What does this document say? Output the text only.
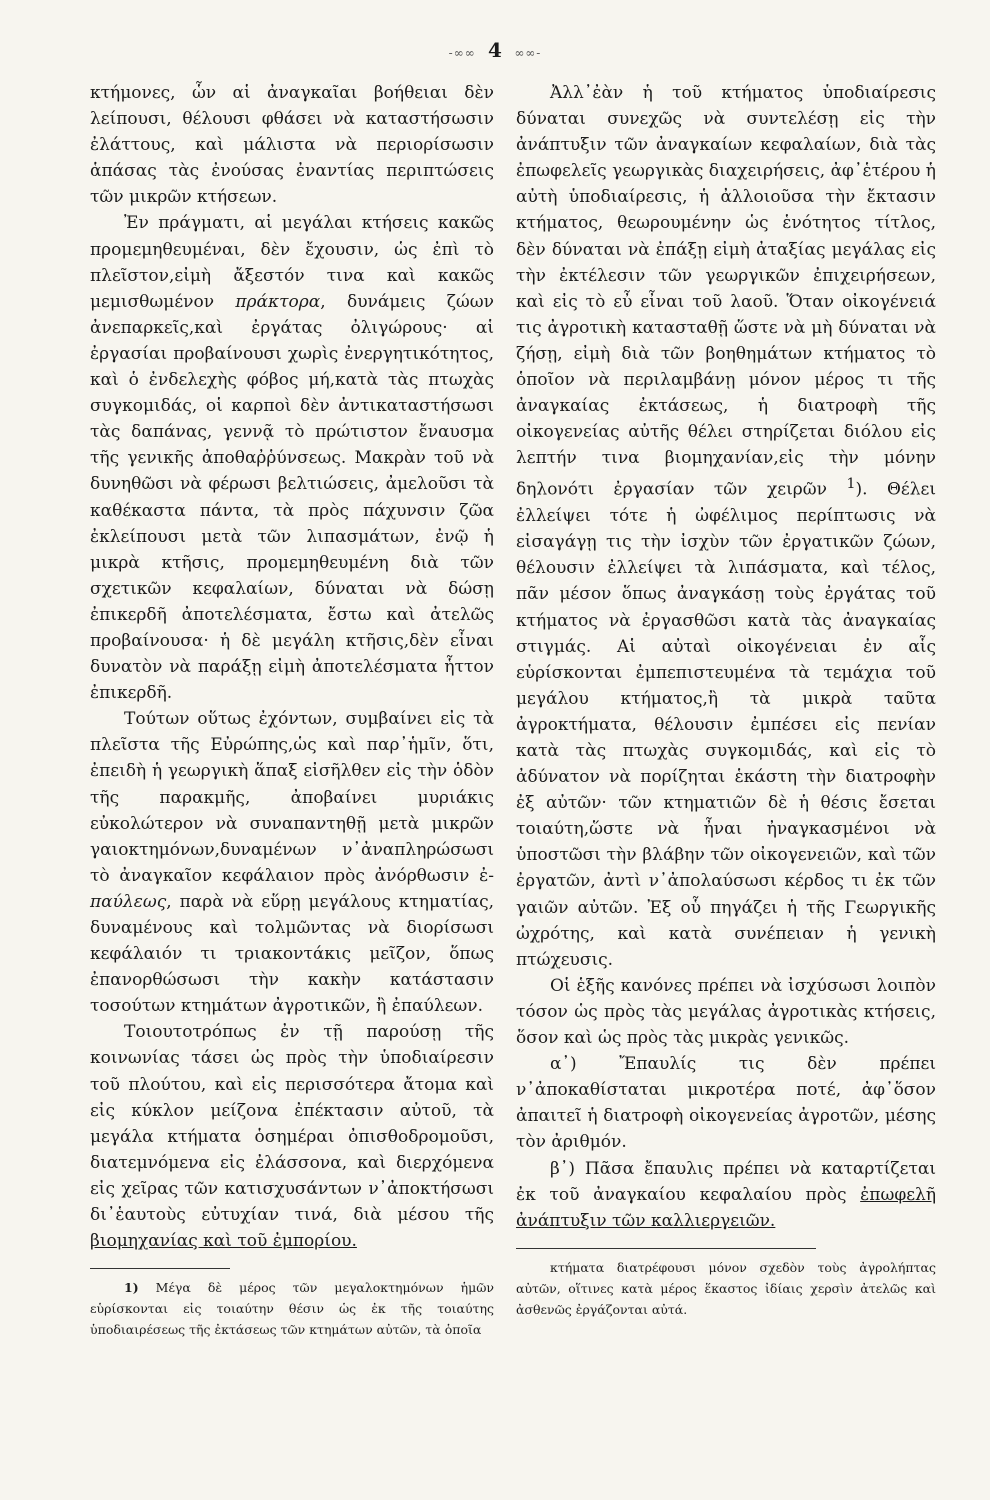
-∞∞ 4 ∞∞-

κτήμονες, ὧν αἱ ἀναγκαῖαι βοήθειαι δὲν λείπουσι, θέλουσι φθάσει νὰ καταστήσωσιν ἐλάττους, καὶ μάλιστα νὰ περιορίσωσιν ἁπάσας τὰς ἐνούσας ἐναντίας περιπτώσεις τῶν μικρῶν κτήσεων.

Ἐν πράγματι, αἱ μεγάλαι κτήσεις κακῶς προμεμηθευμέναι, δὲν ἔχουσιν, ὡς ἐπὶ τὸ πλεῖστον,εἰμὴ ἄξεστόν τινα καὶ κακῶς μεμισθωμένον πράκτορα, δυνάμεις ζώων ἀνεπαρκεῖς,καὶ ἐργάτας ὀλιγώρους· αἱ ἐργασίαι προβαίνουσι χωρὶς ἐνεργητικότητος, καὶ ὁ ἐνδελεχὴς φόβος μή,κατὰ τὰς πτωχὰς συγκομιδάς, οἱ καρποὶ δὲν ἀντικαταστήσωσι τὰς δαπάνας, γεννᾷ τὸ πρώτιστον ἔναυσμα τῆς γενικῆς ἀποθαῤῥύνσεως. Μακρὰν τοῦ νὰ δυνηθῶσι νὰ φέρωσι βελτιώσεις, ἀμελοῦσι τὰ καθέκαστα πάντα, τὰ πρὸς πάχυνσιν ζῶα ἐκλείπουσι μετὰ τῶν λιπασμάτων, ἐνῷ ἡ μικρὰ κτῆσις, προμεμηθευμένη διὰ τῶν σχετικῶν κεφαλαίων, δύναται νὰ δώσῃ ἐπικερδῆ ἀποτελέσματα, ἔστω καὶ ἀτελῶς προβαίνουσα· ἡ δὲ μεγάλη κτῆσις,δὲν εἶναι δυνατὸν νὰ παράξῃ εἰμὴ ἀποτελέσματα ἧττον ἐπικερδῆ.

Τούτων οὕτως ἐχόντων, συμβαίνει εἰς τὰ πλεῖστα τῆς Εὐρώπης,ὡς καὶ παρ᾽ἡμῖν, ὅτι, ἐπειδὴ ἡ γεωργικὴ ἅπαξ εἰσῆλθεν εἰς τὴν ὁδὸν τῆς παρακμῆς, ἀποβαίνει μυριάκις εὐκολώτερον νὰ συναπαντηθῇ μετὰ μικρῶν γαιοκτημόνων,δυναμένων ν᾽ἀναπληρώσωσι τὸ ἀναγκαῖον κεφάλαιον πρὸς ἀνόρθωσιν ἐ-παύλεως, παρὰ νὰ εὕρῃ μεγάλους κτηματίας, δυναμένους καὶ τολμῶντας νὰ διορίσωσι κεφάλαιόν τι τριακοντάκις μεῖζον, ὅπως ἐπανορθώσωσι τὴν κακὴν κατάστασιν τοσούτων κτημάτων ἀγροτικῶν, ἢ ἐπαύλεων.

Τοιουτοτρόπως ἐν τῇ παρούσῃ τῆς κοινωνίας τάσει ὡς πρὸς τὴν ὑποδιαίρεσιν τοῦ πλούτου, καὶ εἰς περισσότερα ἄτομα καὶ εἰς κύκλον μείζονα ἐπέκτασιν αὐτοῦ, τὰ μεγάλα κτήματα ὁσημέραι ὀπισθοδρομοῦσι, διατεμνόμενα εἰς ἐλάσσονα, καὶ διερχόμενα εἰς χεῖρας τῶν κατισχυσάντων ν᾽ἀποκτήσωσι δι᾽ἑαυτοὺς εὐτυχίαν τινά, διὰ μέσου τῆς βιομηχανίας καὶ τοῦ ἐμπορίου.

1) Μέγα δὲ μέρος τῶν μεγαλοκτημόνων ἡμῶν εὑρίσκονται εἰς τοιαύτην θέσιν ὡς ἐκ τῆς τοιαύτης ὑποδιαιρέσεως τῆς ἐκτάσεως τῶν κτημάτων αὐτῶν, τὰ ὁποῖα

Ἀλλ᾽ἐὰν ἡ τοῦ κτήματος ὑποδιαίρεσις δύναται συνεχῶς νὰ συντελέσῃ εἰς τὴν ἀνάπτυξιν τῶν ἀναγκαίων κεφαλαίων, διὰ τὰς ἐπωφελεῖς γεωργικὰς διαχειρήσεις, ἀφ᾽ἑτέρου ἡ αὐτὴ ὑποδιαίρεσις, ἡ ἀλλοιοῦσα τὴν ἔκτασιν κτήματος, θεωρουμένην ὡς ἑνότητος τίτλος, δὲν δύναται νὰ ἐπάξῃ εἰμὴ ἀταξίας μεγάλας εἰς τὴν ἐκτέλεσιν τῶν γεωργικῶν ἐπιχειρήσεων, καὶ εἰς τὸ εὖ εἶναι τοῦ λαοῦ. Ὅταν οἰκογένειά τις ἀγροτικὴ κατασταθῇ ὥστε νὰ μὴ δύναται νὰ ζήσῃ, εἰμὴ διὰ τῶν βοηθημάτων κτήματος τὸ ὁποῖον νὰ περιλαμβάνῃ μόνον μέρος τι τῆς ἀναγκαίας ἐκτάσεως, ἡ διατροφὴ τῆς οἰκογενείας αὐτῆς θέλει στηρίζεται διόλου εἰς λεπτήν τινα βιομηχανίαν,εἰς τὴν μόνην δηλονότι ἐργασίαν τῶν χειρῶν $^1$). Θέλει ἐλλείψει τότε ἡ ὠφέλιμος περίπτωσις νὰ εἰσαγάγῃ τις τὴν ἰσχὺν τῶν ἐργατικῶν ζώων, θέλουσιν ἐλλείψει τὰ λιπάσματα, καὶ τέλος, πᾶν μέσον ὅπως ἀναγκάσῃ τοὺς ἐργάτας τοῦ κτήματος νὰ ἐργασθῶσι κατὰ τὰς ἀναγκαίας στιγμάς. Αἱ αὐταὶ οἰκογένειαι ἐν αἷς εὑρίσκονται ἐμπεπιστευμένα τὰ τεμάχια τοῦ μεγάλου κτήματος,ἢ τὰ μικρὰ ταῦτα ἀγροκτήματα, θέλουσιν ἐμπέσει εἰς πενίαν κατὰ τὰς πτωχὰς συγκομιδάς, καὶ εἰς τὸ ἀδύνατον νὰ πορίζηται ἑκάστη τὴν διατροφὴν ἐξ αὐτῶν· τῶν κτηματιῶν δὲ ἡ θέσις ἔσεται τοιαύτη,ὥστε νὰ ἦναι ἠναγκασμένοι νὰ ὑποστῶσι τὴν βλάβην τῶν οἰκογενειῶν, καὶ τῶν ἐργατῶν, ἀντὶ ν᾽ἀπολαύσωσι κέρδος τι ἐκ τῶν γαιῶν αὐτῶν. Ἐξ οὗ πηγάζει ἡ τῆς Γεωργικῆς ὠχρότης, καὶ κατὰ συνέπειαν ἡ γενικὴ πτώχευσις.

Οἱ ἑξῆς κανόνες πρέπει νὰ ἰσχύσωσι λοιπὸν τόσον ὡς πρὸς τὰς μεγάλας ἀγροτικὰς κτήσεις, ὅσον καὶ ὡς πρὸς τὰς μικρὰς γενικῶς.

α᾽) Ἔπαυλίς τις δὲν πρέπει ν᾽ἀποκαθίσταται μικροτέρα ποτέ, ἀφ᾽ὅσον ἀπαιτεῖ ἡ διατροφὴ οἰκογενείας ἀγροτῶν, μέσης τὸν ἀριθμόν.

β᾽) Πᾶσα ἔπαυλις πρέπει νὰ καταρτίζεται ἐκ τοῦ ἀναγκαίου κεφαλαίου πρὸς ἐπωφελῆ ἀνάπτυξιν τῶν καλλιεργειῶν.

κτήματα διατρέφουσι μόνον σχεδὸν τοὺς ἀγρολήπτας αὐτῶν, οἵτινες κατὰ μέρος ἕκαστος ἰδίαις χερσὶν ἀτελῶς καὶ ἀσθενῶς ἐργάζονται αὐτά.
